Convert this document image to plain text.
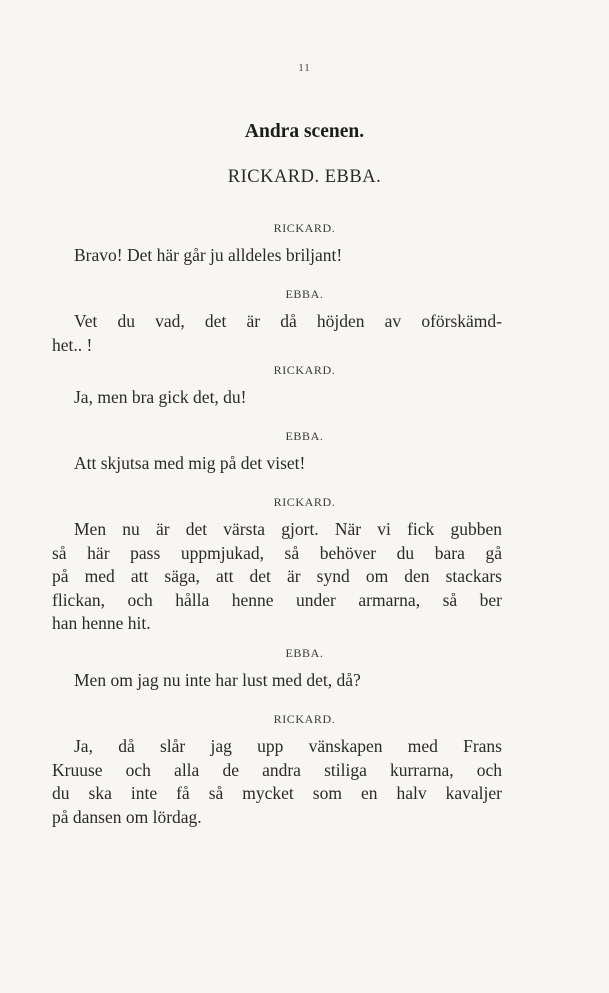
11
Andra scenen.
RICKARD. EBBA.
RICKARD.

Bravo! Det här går ju alldeles briljant!

EBBA.

Vet du vad, det är då höjden av oförskämd-
het.. !

RICKARD.

Ja, men bra gick det, du!

EBBA.

Att skjutsa med mig på det viset!

RICKARD.

Men nu är det värsta gjort. När vi fick gubben
så här pass uppmjukad, så behöver du bara gå
på med att säga, att det är synd om den stackars
flickan, och hålla henne under armarna, så ber
han henne hit.

EBBA.

Men om jag nu inte har lust med det, då?

RICKARD.

Ja, då slår jag upp vänskapen med Frans
Kruuse och alla de andra stiliga kurrarna, och
du ska inte få så mycket som en halv kavaljer
på dansen om lördag.
